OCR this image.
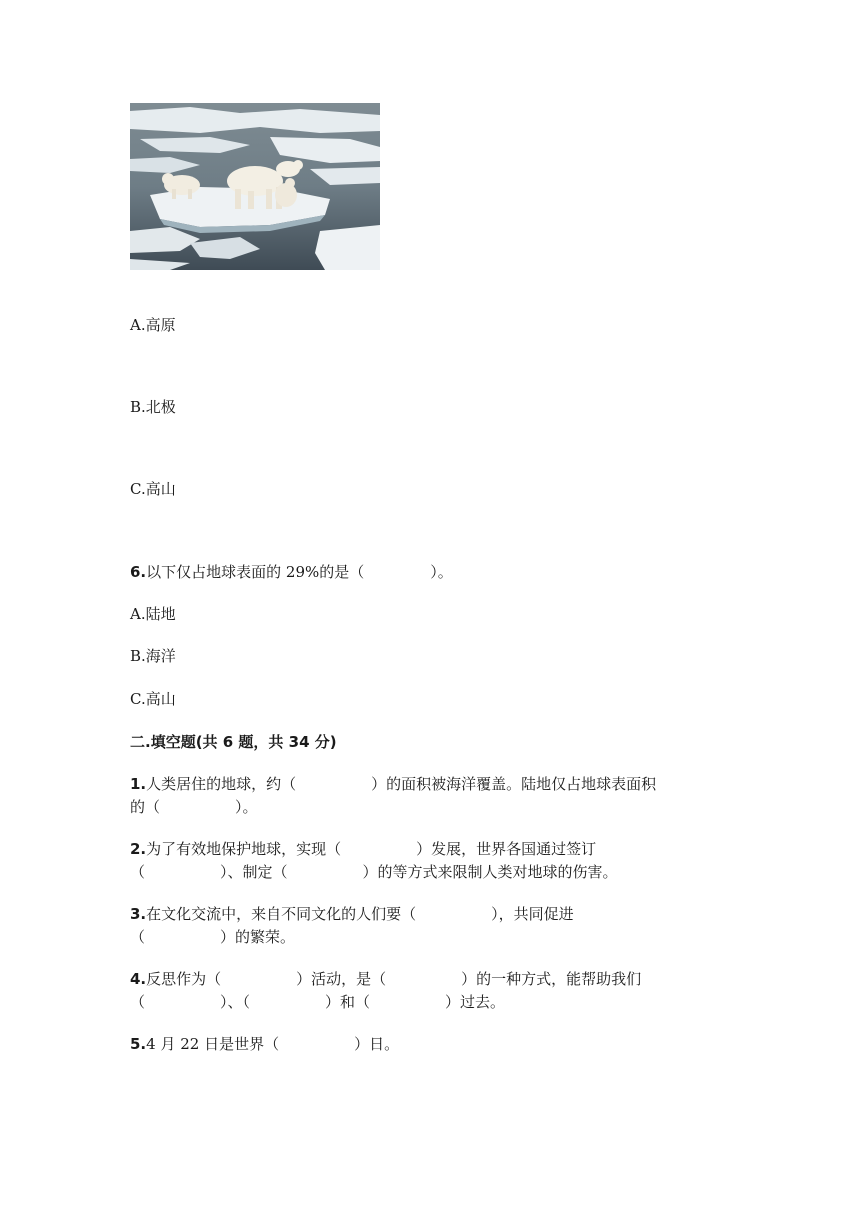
A.高原
B.北极
C.高山
6.以下仅占地球表面的 29%的是（	）。
A.陆地
B.海洋
C.高山
二.填空题(共 6 题，共 34 分)
1.人类居住的地球，约（　　　　　）的面积被海洋覆盖。陆地仅占地球表面积
的（　　　　　）。
2.为了有效地保护地球，实现（　　　　　）发展，世界各国通过签订
（　　　　　）、制定（　　　　　）的等方式来限制人类对地球的伤害。
3.在文化交流中，来自不同文化的人们要（　　　　　），共同促进
（　　　　　）的繁荣。
4.反思作为（　　　　　）活动，是（　　　　　）的一种方式，能帮助我们
（　　　　　）、（　　　　　）和（　　　　　）过去。
5.4 月 22 日是世界（　　　　　）日。
